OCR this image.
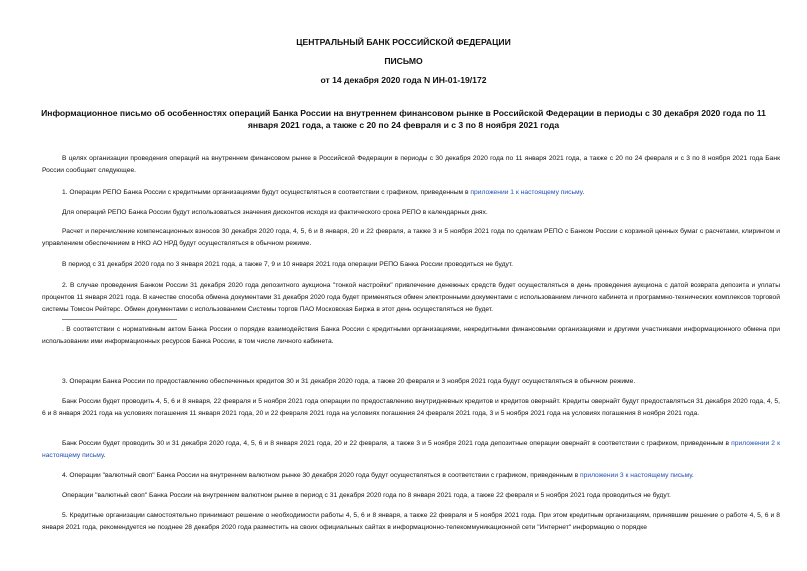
ЦЕНТРАЛЬНЫЙ БАНК РОССИЙСКОЙ ФЕДЕРАЦИИ
ПИСЬМО
от 14 декабря 2020 года N ИН-01-19/172
Информационное письмо об особенностях операций Банка России на внутреннем финансовом рынке в Российской Федерации в периоды с 30 декабря 2020 года по 11 января 2021 года, а также с 20 по 24 февраля и с 3 по 8 ноября 2021 года
В целях организации проведения операций на внутреннем финансовом рынке в Российской Федерации в периоды с 30 декабря 2020 года по 11 января 2021 года, а также с 20 по 24 февраля и с 3 по 8 ноября 2021 года Банк России сообщает следующее.
1. Операции РЕПО Банка России с кредитными организациями будут осуществляться в соответствии с графиком, приведенным в приложении 1 к настоящему письму.
Для операций РЕПО Банка России будут использоваться значения дисконтов исходя из фактического срока РЕПО в календарных днях.
Расчет и перечисление компенсационных взносов 30 декабря 2020 года, 4, 5, 6 и 8 января, 20 и 22 февраля, а также 3 и 5 ноября 2021 года по сделкам РЕПО с Банком России с корзиной ценных бумаг с расчетами, клирингом и управлением обеспечением в НКО АО НРД будут осуществляться в обычном режиме.
В период с 31 декабря 2020 года по 3 января 2021 года, а также 7, 9 и 10 января 2021 года операции РЕПО Банка России проводиться не будут.
2. В случае проведения Банком России 31 декабря 2020 года депозитного аукциона "тонкой настройки" привлечение денежных средств будет осуществляться в день проведения аукциона с датой возврата депозита и уплаты процентов 11 января 2021 года. В качестве способа обмена документами 31 декабря 2020 года будет применяться обмен электронными документами с использованием личного кабинета и программно-технических комплексов торговой системы Томсон Рейтерс. Обмен документами с использованием Системы торгов ПАО Московская Биржа в этот день осуществляться не будет.
. В соответствии с нормативным актом Банка России о порядке взаимодействия Банка России с кредитными организациями, некредитными финансовыми организациями и другими участниками информационного обмена при использовании ими информационных ресурсов Банка России, в том числе личного кабинета.
3. Операции Банка России по предоставлению обеспеченных кредитов 30 и 31 декабря 2020 года, а также 20 февраля и 3 ноября 2021 года будут осуществляться в обычном режиме.
Банк России будет проводить 4, 5, 6 и 8 января, 22 февраля и 5 ноября 2021 года операции по предоставлению внутридневных кредитов и кредитов овернайт. Кредиты овернайт будут предоставляться 31 декабря 2020 года, 4, 5, 6 и 8 января 2021 года на условиях погашения 11 января 2021 года, 20 и 22 февраля 2021 года на условиях погашения 24 февраля 2021 года, 3 и 5 ноября 2021 года на условиях погашения 8 ноября 2021 года.
Банк России будет проводить 30 и 31 декабря 2020 года, 4, 5, 6 и 8 января 2021 года, 20 и 22 февраля, а также 3 и 5 ноября 2021 года депозитные операции овернайт в соответствии с графиком, приведенным в приложении 2 к настоящему письму.
4. Операции "валютный своп" Банка России на внутреннем валютном рынке 30 декабря 2020 года будут осуществляться в соответствии с графиком, приведенным в приложении 3 к настоящему письму.
Операции "валютный своп" Банка России на внутреннем валютном рынке в период с 31 декабря 2020 года по 8 января 2021 года, а также 22 февраля и 5 ноября 2021 года проводиться не будут.
5. Кредитные организации самостоятельно принимают решение о необходимости работы 4, 5, 6 и 8 января, а также 22 февраля и 5 ноября 2021 года. При этом кредитным организациям, принявшим решение о работе 4, 5, 6 и 8 января 2021 года, рекомендуется не позднее 28 декабря 2020 года разместить на своих официальных сайтах в информационно-телекоммуникационной сети "Интернет" информацию о порядке
